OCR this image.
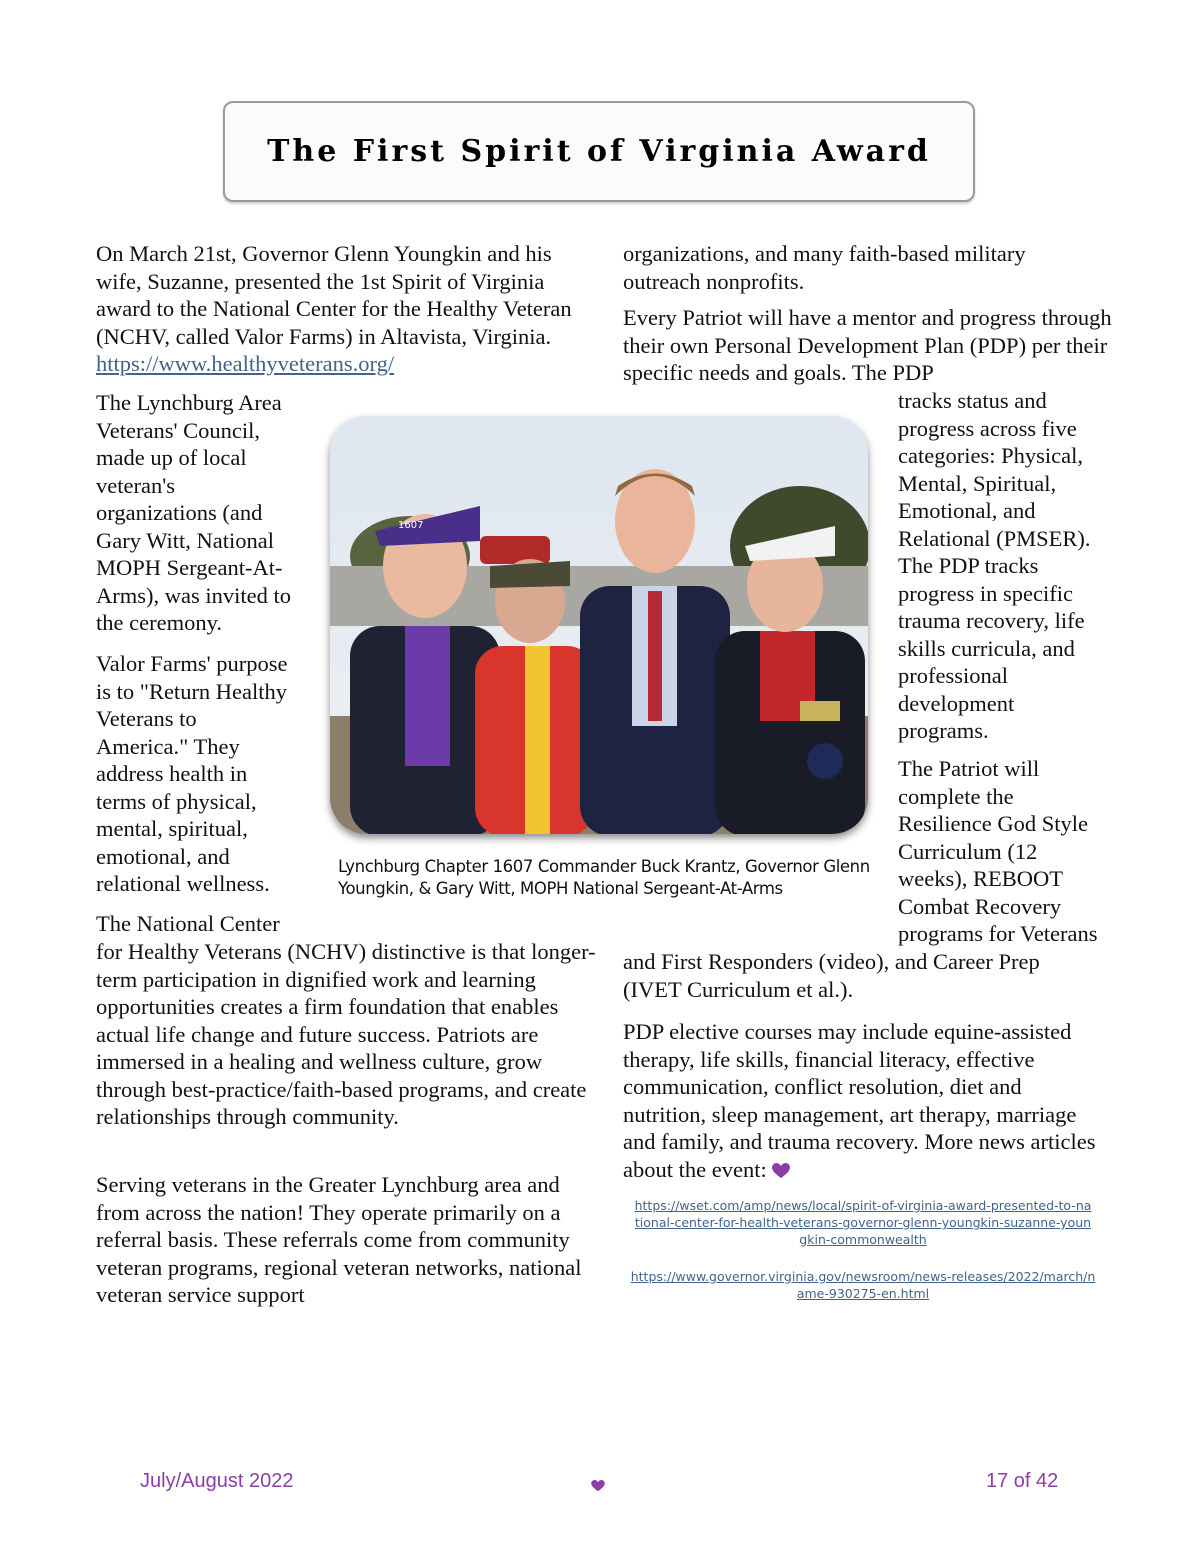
The First Spirit of Virginia Award

On March 21st, Governor Glenn Youngkin and his wife, Suzanne, presented the 1st Spirit of Virginia award to the National Center for the Healthy Veteran (NCHV, called Valor Farms) in Altavista, Virginia.  https://www.healthyveterans.org/

The Lynchburg Area
Veterans' Council,
made up of local
veteran's
organizations (and
Gary Witt, National
MOPH Sergeant-At-
Arms), was invited to
the ceremony.
Valor Farms' purpose
is to "Return Healthy
Veterans to
America." They
address health in
terms of physical,
mental, spiritual,
emotional, and
relational wellness.
The National Center
for Healthy Veterans (NCHV) distinctive is that longer-term participation in dignified work and learning opportunities creates a firm foundation that enables actual life change and future success. Patriots are immersed in a healing and wellness culture, grow through best-practice/faith-based programs, and create relationships through community.
Serving veterans in the Greater Lynchburg area and from across the nation! They operate primarily on a referral basis. These referrals come from community veteran programs, regional veteran networks, national veteran service support
organizations, and many faith-based military outreach nonprofits.
Every Patriot will have a mentor and progress through their own Personal Development Plan (PDP) per their specific needs and goals. The PDP
tracks status and
progress across five
categories: Physical,
Mental, Spiritual,
Emotional, and
Relational (PMSER).
The PDP tracks
progress in specific
trauma recovery, life
skills curricula, and
professional
development
programs.
The Patriot will
complete the
Resilience God Style
Curriculum (12
weeks), REBOOT
Combat Recovery
programs for Veterans
and First Responders (video), and Career Prep (IVET Curriculum et al.).
PDP elective courses may include equine-assisted therapy, life skills, financial literacy, effective communication, conflict resolution, diet and nutrition, sleep management, art therapy, marriage and family, and trauma recovery. More news articles about the event:
https://wset.com/amp/news/local/spirit-of-virginia-award-presented-to-national-center-for-health-veterans-governor-glenn-youngkin-suzanne-youngkin-commonwealth
https://www.governor.virginia.gov/newsroom/news-releases/2022/march/name-930275-en.html
1607
Lynchburg Chapter 1607 Commander Buck Krantz, Governor Glenn Youngkin, & Gary Witt, MOPH National Sergeant-At-Arms
July/August 2022	17 of 42
